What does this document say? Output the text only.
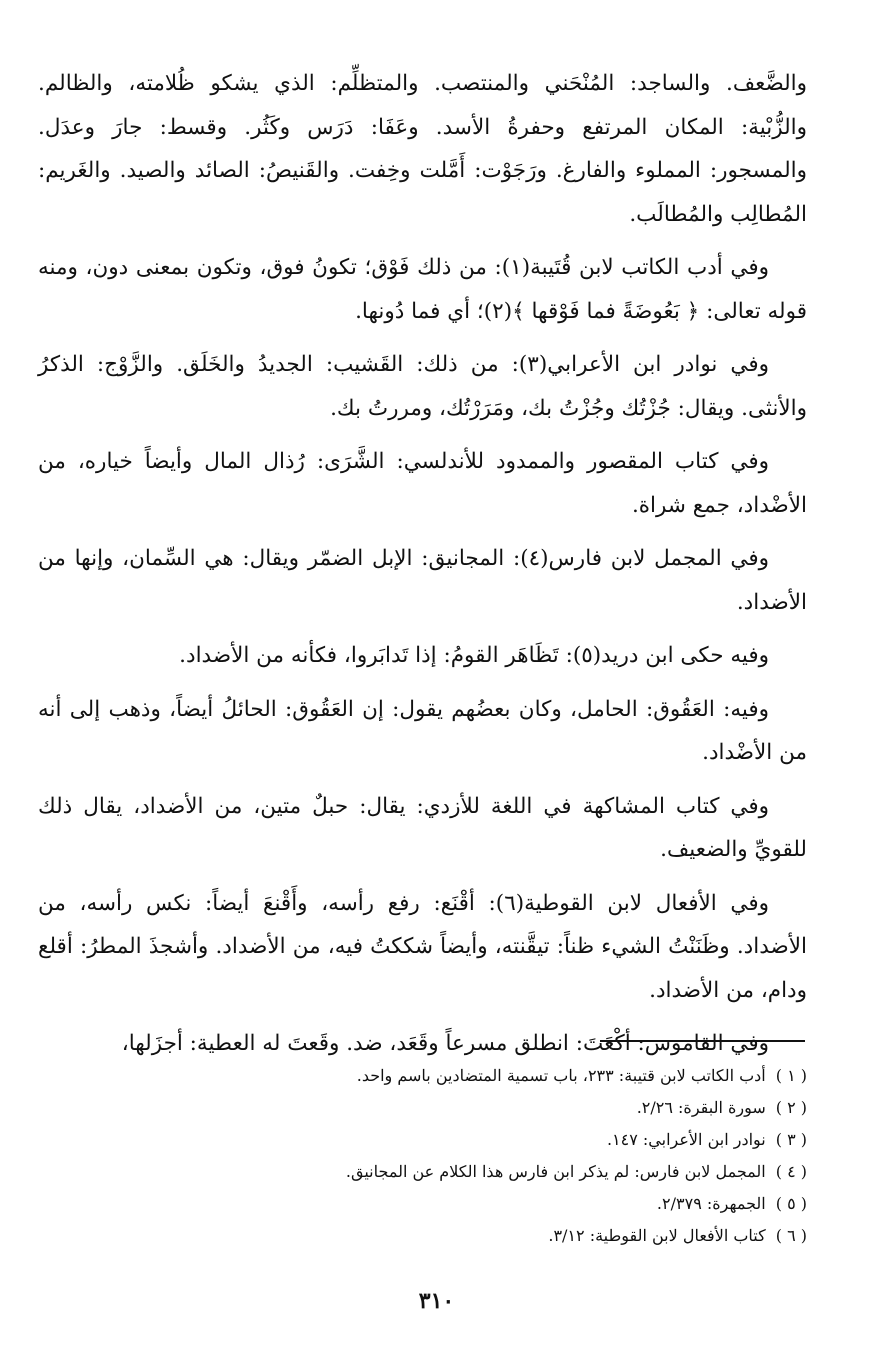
والضَّعف. والساجد: المُنْحَني والمنتصب. والمتظلِّم: الذي يشكو ظُلامته، والظالم. والزُّبْية: المكان المرتفع وحفرةُ الأسد. وعَفَا: دَرَس وكَثُر. وقسط: جارَ وعدَل. والمسجور: المملوء والفارغ. ورَجَوْت: أَمَّلت وخِفت. والقَنيصُ: الصائد والصيد. والغَريم: المُطالِب والمُطالَب.

وفي أدب الكاتب لابن قُتَيبة(١): من ذلك فَوْق؛ تكونُ فوق، وتكون بمعنى دون، ومنه قوله تعالى: ﴿ بَعُوضَةً فما فَوْقها ﴾(٢)؛ أي فما دُونها.

وفي نوادر ابن الأعرابي(٣): من ذلك: القَشيب: الجديدُ والخَلَق. والزَّوْج: الذكرُ والأنثى. ويقال: جُزْتُك وجُزْتُ بك، ومَرَرْتُك، ومررتُ بك.

وفي كتاب المقصور والممدود للأندلسي: الشَّرَى: رُذال المال وأيضاً خياره، من الأضْداد، جمع شراة.

وفي المجمل لابن فارس(٤): المجانيق: الإبل الضمّر ويقال: هي السِّمان، وإنها من الأضداد.

وفيه حكى ابن دريد(٥): تَظَاهَر القومُ: إذا تَدابَروا، فكأنه من الأضداد.

وفيه: العَقُوق: الحامل، وكان بعضُهم يقول: إن العَقُوق: الحائلُ أيضاً، وذهب إلى أنه من الأضْداد.

وفي كتاب المشاكهة في اللغة للأزدي: يقال: حبلٌ متين، من الأضداد، يقال ذلك للقويِّ والضعيف.

وفي الأفعال لابن القوطية(٦): أقْنَع: رفع رأسه، وأَقْنعَ أيضاً: نكس رأسه، من الأضداد. وظَنَنْتُ الشيء ظناً: تيقَّنته، وأيضاً شككتُ فيه، من الأضداد. وأشجذَ المطرُ: أقلع ودام، من الأضداد.

وفي القاموس: أكْعَتَ: انطلق مسرعاً وقَعَد، ضد. وقَعتَ له العطية: أجزَلها،

( ١ )أدب الكاتب لابن قتيبة: ٢٣٣، باب تسمية المتضادين باسم واحد.

( ٢ )سورة البقرة: ٢/٢٦.

( ٣ )نوادر ابن الأعرابي: ١٤٧.

( ٤ )المجمل لابن فارس: لم يذكر ابن فارس هذا الكلام عن المجانيق.

( ٥ )الجمهرة: ٢/٣٧٩.

( ٦ )كتاب الأفعال لابن القوطية: ٣/١٢.

٣١٠
